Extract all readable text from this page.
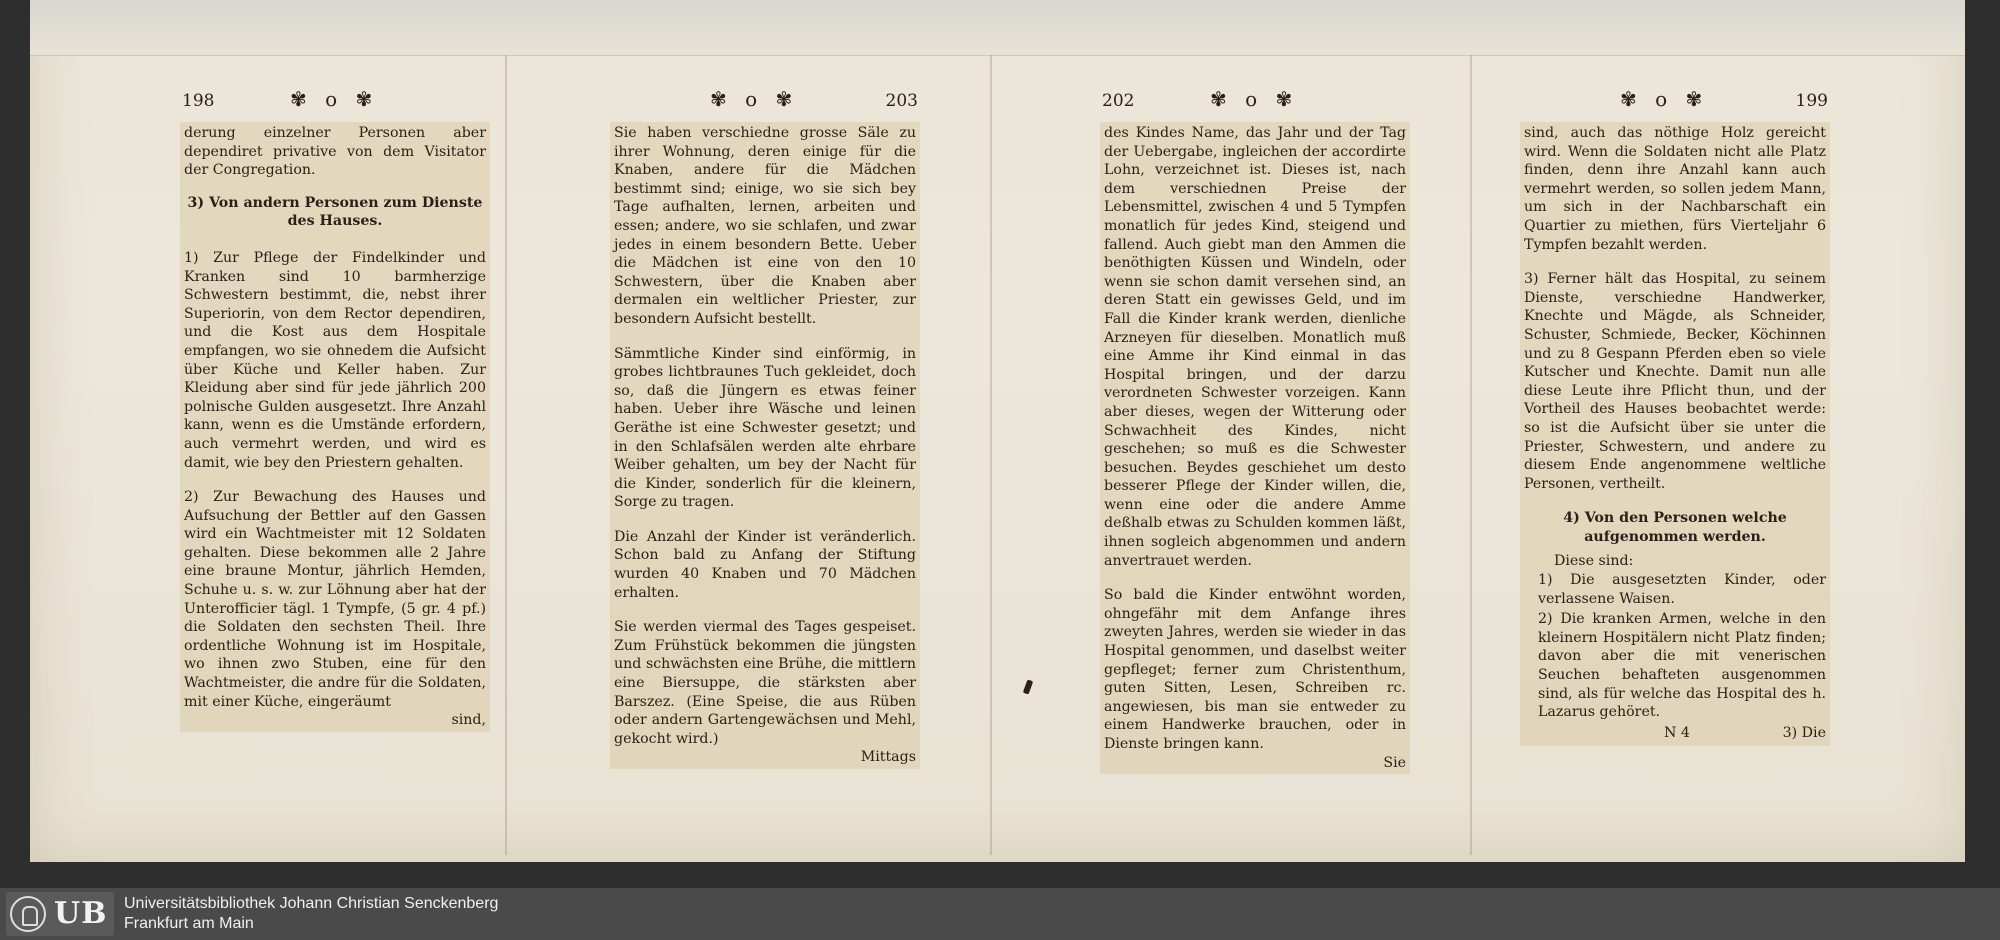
198	✾ o ✾

derung einzelner Personen aber dependiret privative von dem Visitator der Congregation.

3) Von andern Personen zum Dienste des Hauses.

1) Zur Pflege der Findelkinder und Kranken sind 10 barmherzige Schwestern bestimmt, die, nebst ihrer Superiorin, von dem Rector dependiren, und die Kost aus dem Hospitale empfangen, wo sie ohnedem die Aufsicht über Küche und Keller haben. Zur Kleidung aber sind für jede jährlich 200 polnische Gulden ausgesetzt. Ihre Anzahl kann, wenn es die Umstände erfordern, auch vermehrt werden, und wird es damit, wie bey den Priestern gehalten.

2) Zur Bewachung des Hauses und Aufsuchung der Bettler auf den Gassen wird ein Wachtmeister mit 12 Soldaten gehalten. Diese bekommen alle 2 Jahre eine braune Montur, jährlich Hemden, Schuhe u. s. w. zur Löhnung aber hat der Unterofficier tägl. 1 Tympfe, (5 gr. 4 pf.) die Soldaten den sechsten Theil. Ihre ordentliche Wohnung ist im Hospitale, wo ihnen zwo Stuben, eine für den Wachtmeister, die andre für die Soldaten, mit einer Küche, eingeräumt

sind,
✾ o ✾	203

Sie haben verschiedne grosse Säle zu ihrer Wohnung, deren einige für die Knaben, andere für die Mädchen bestimmt sind; einige, wo sie sich bey Tage aufhalten, lernen, arbeiten und essen; andere, wo sie schlafen, und zwar jedes in einem besondern Bette. Ueber die Mädchen ist eine von den 10 Schwestern, über die Knaben aber dermalen ein weltlicher Priester, zur besondern Aufsicht bestellt.

Sämmtliche Kinder sind einförmig, in grobes lichtbraunes Tuch gekleidet, doch so, daß die Jüngern es etwas feiner haben. Ueber ihre Wäsche und leinen Geräthe ist eine Schwester gesetzt; und in den Schlafsälen werden alte ehrbare Weiber gehalten, um bey der Nacht für die Kinder, sonderlich für die kleinern, Sorge zu tragen.

Die Anzahl der Kinder ist veränderlich. Schon bald zu Anfang der Stiftung wurden 40 Knaben und 70 Mädchen erhalten.

Sie werden viermal des Tages gespeiset. Zum Frühstück bekommen die jüngsten und schwächsten eine Brühe, die mittlern eine Biersuppe, die stärksten aber Barszez. (Eine Speise, die aus Rüben oder andern Gartengewächsen und Mehl, gekocht wird.)

Mittags
202	✾ o ✾

des Kindes Name, das Jahr und der Tag der Uebergabe, ingleichen der accordirte Lohn, verzeichnet ist. Dieses ist, nach dem verschiednen Preise der Lebensmittel, zwischen 4 und 5 Tympfen monatlich für jedes Kind, steigend und fallend. Auch giebt man den Ammen die benöthigten Küssen und Windeln, oder wenn sie schon damit versehen sind, an deren Statt ein gewisses Geld, und im Fall die Kinder krank werden, dienliche Arzneyen für dieselben. Monatlich muß eine Amme ihr Kind einmal in das Hospital bringen, und der darzu verordneten Schwester vorzeigen. Kann aber dieses, wegen der Witterung oder Schwachheit des Kindes, nicht geschehen; so muß es die Schwester besuchen. Beydes geschiehet um desto besserer Pflege der Kinder willen, die, wenn eine oder die andere Amme deßhalb etwas zu Schulden kommen läßt, ihnen sogleich abgenommen und andern anvertrauet werden.

So bald die Kinder entwöhnt worden, ohngefähr mit dem Anfange ihres zweyten Jahres, werden sie wieder in das Hospital genommen, und daselbst weiter gepfleget; ferner zum Christenthum, guten Sitten, Lesen, Schreiben rc. angewiesen, bis man sie entweder zu einem Handwerke brauchen, oder in Dienste bringen kann.

Sie
✾ o ✾	199

sind, auch das nöthige Holz gereicht wird. Wenn die Soldaten nicht alle Platz finden, denn ihre Anzahl kann auch vermehrt werden, so sollen jedem Mann, um sich in der Nachbarschaft ein Quartier zu miethen, fürs Vierteljahr 6 Tympfen bezahlt werden.

3) Ferner hält das Hospital, zu seinem Dienste, verschiedne Handwerker, Knechte und Mägde, als Schneider, Schuster, Schmiede, Becker, Köchinnen und zu 8 Gespann Pferden eben so viele Kutscher und Knechte. Damit nun alle diese Leute ihre Pflicht thun, und der Vortheil des Hauses beobachtet werde: so ist die Aufsicht über sie unter die Priester, Schwestern, und andere zu diesem Ende angenommene weltliche Personen, vertheilt.

4) Von den Personen welche aufgenommen werden.
Diese sind:
1) Die ausgesetzten Kinder, oder verlassene Waisen.
2) Die kranken Armen, welche in den kleinern Hospitälern nicht Platz finden; davon aber die mit venerischen Seuchen behafteten ausgenommen sind, als für welche das Hospital des h. Lazarus gehöret.
N 4	3) Die
UB Universitätsbibliothek Johann Christian Senckenberg
Frankfurt am Main
